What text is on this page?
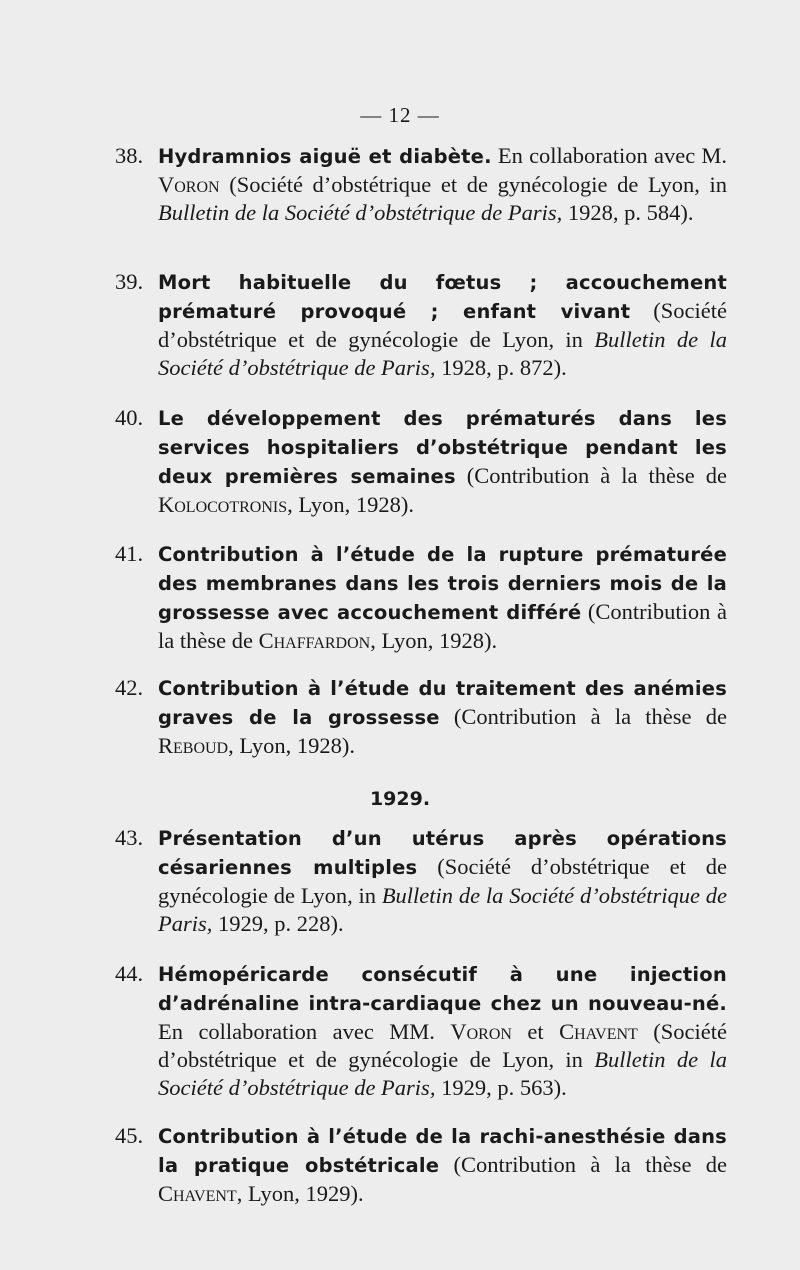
— 12 —
38. Hydramnios aiguë et diabète. En collaboration avec M. Voron (Société d’obstétrique et de gynécologie de Lyon, in Bulletin de la Société d’obstétrique de Paris, 1928, p. 584).
39. Mort habituelle du fœtus ; accouchement prématuré provoqué ; enfant vivant (Société d’obstétrique et de gynécologie de Lyon, in Bulletin de la Société d’obstétrique de Paris, 1928, p. 872).
40. Le développement des prématurés dans les services hospitaliers d’obstétrique pendant les deux premières semaines (Contribution à la thèse de Kolocotronis, Lyon, 1928).
41. Contribution à l’étude de la rupture prématurée des membranes dans les trois derniers mois de la grossesse avec accouchement différé (Contribution à la thèse de Chaffardon, Lyon, 1928).
42. Contribution à l’étude du traitement des anémies graves de la grossesse (Contribution à la thèse de Reboud, Lyon, 1928).
1929.
43. Présentation d’un utérus après opérations césariennes multiples (Société d’obstétrique et de gynécologie de Lyon, in Bulletin de la Société d’obstétrique de Paris, 1929, p. 228).
44. Hémopéricarde consécutif à une injection d’adrénaline intra-cardiaque chez un nouveau-né. En collaboration avec MM. Voron et Chavent (Société d’obstétrique et de gynécologie de Lyon, in Bulletin de la Société d’obstétrique de Paris, 1929, p. 563).
45. Contribution à l’étude de la rachi-anesthésie dans la pratique obstétricale (Contribution à la thèse de Chavent, Lyon, 1929).
